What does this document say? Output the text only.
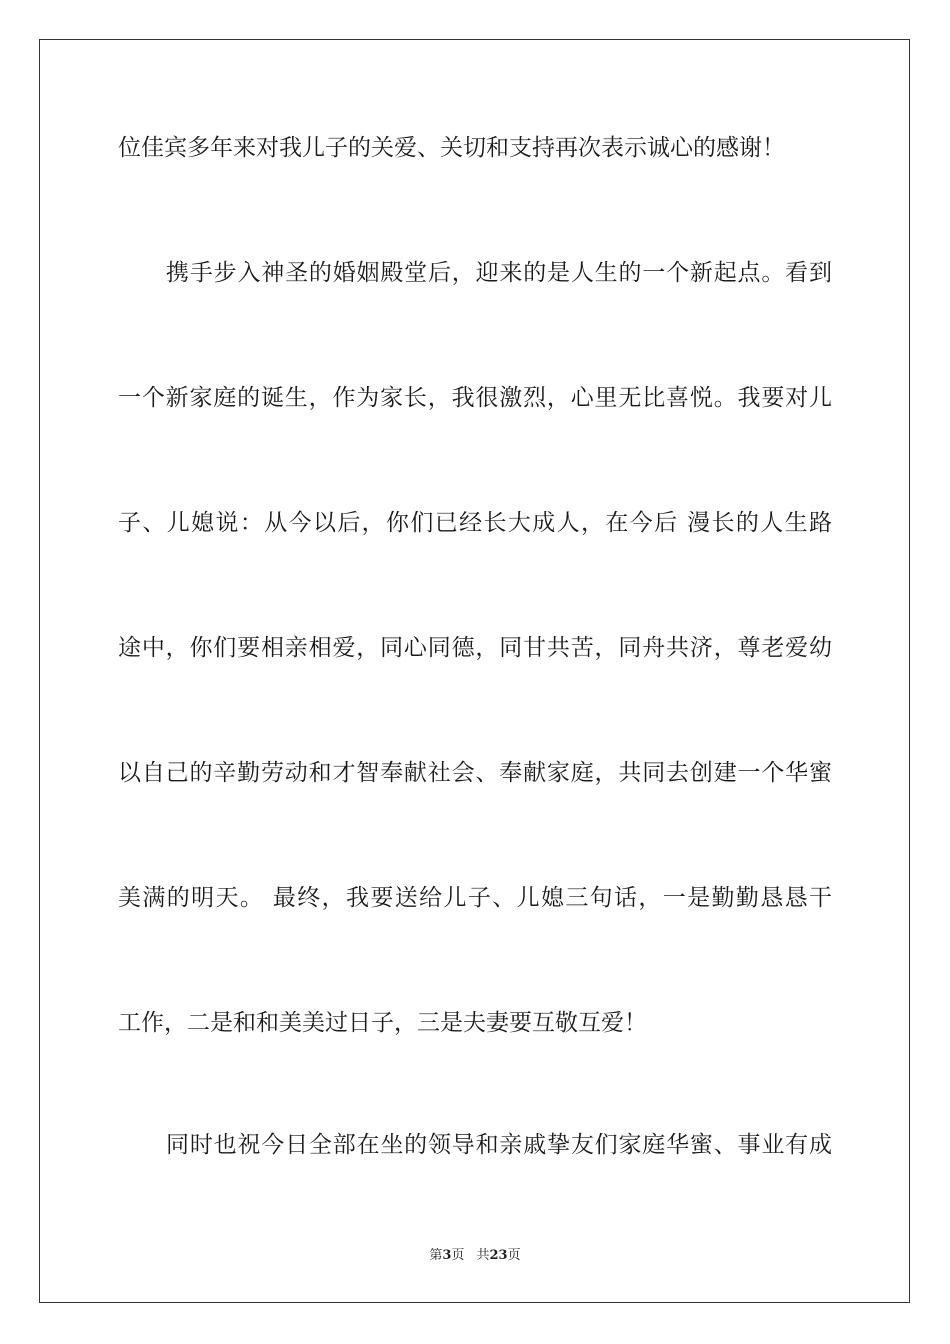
位佳宾多年来对我儿子的关爱、关切和支持再次表示诚心的感谢！
携手步入神圣的婚姻殿堂后，迎来的是人生的一个新起点。看到
一个新家庭的诞生，作为家长，我很激烈，心里无比喜悦。我要对儿
子、儿媳说：从今以后，你们已经长大成人，在今后 漫长的人生路
途中，你们要相亲相爱，同心同德，同甘共苦，同舟共济，尊老爱幼
以自己的辛勤劳动和才智奉献社会、奉献家庭，共同去创建一个华蜜
美满的明天。 最终，我要送给儿子、儿媳三句话，一是勤勤恳恳干
工作，二是和和美美过日子，三是夫妻要互敬互爱！
同时也祝今日全部在坐的领导和亲戚挚友们家庭华蜜、事业有成
第3页 共23页
